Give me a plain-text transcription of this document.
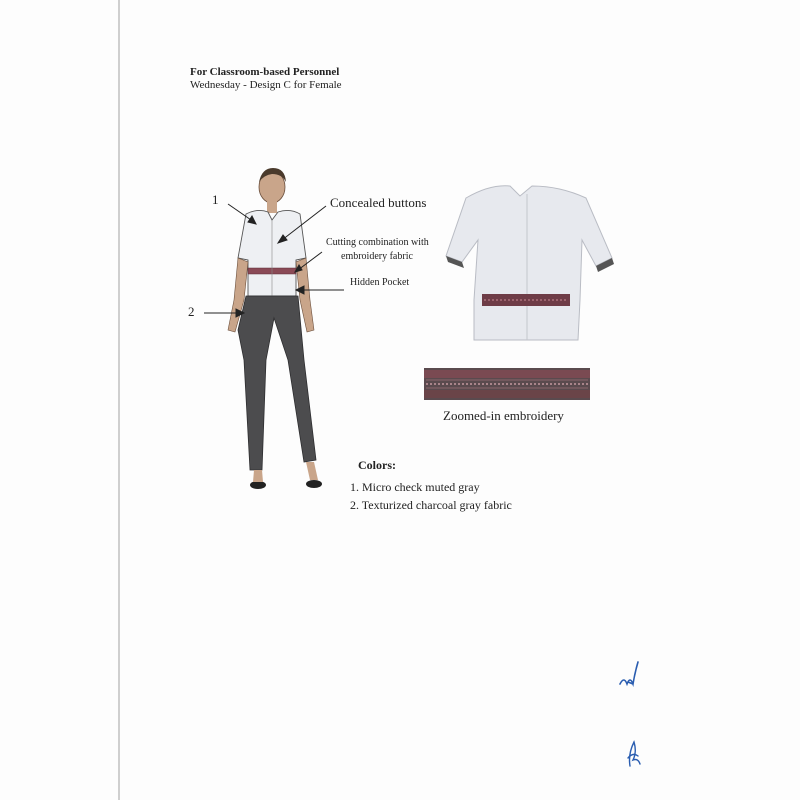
For Classroom-based Personnel
Wednesday - Design C for Female
1	Concealed buttons
Cutting combination with
embroidery fabric
Hidden Pocket
2
Zoomed-in embroidery
Colors:
1. Micro check muted gray
2. Texturized charcoal gray fabric
